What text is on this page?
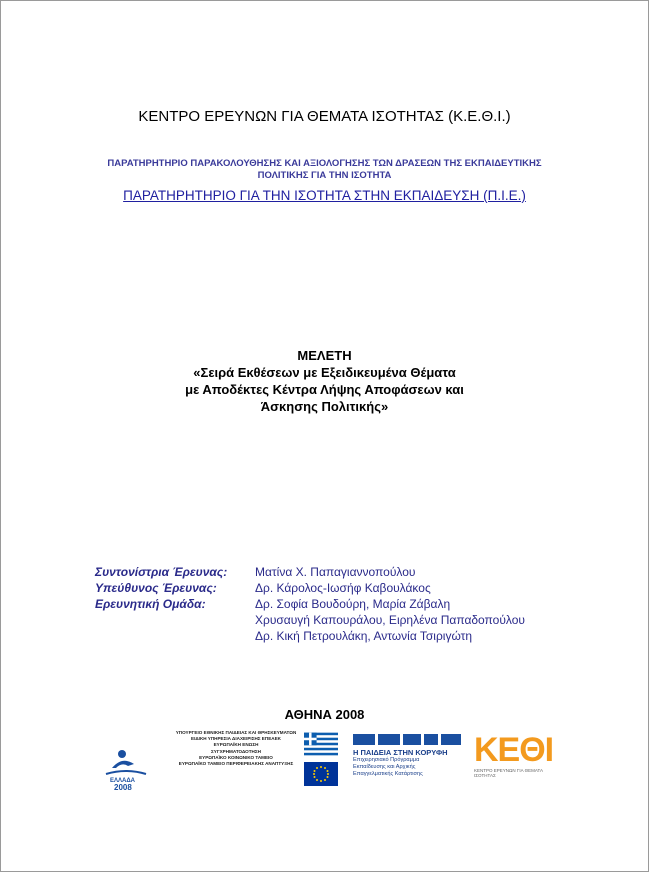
ΚΕΝΤΡΟ ΕΡΕΥΝΩΝ ΓΙΑ ΘΕΜΑΤΑ ΙΣΟΤΗΤΑΣ (Κ.Ε.Θ.Ι.)
ΠΑΡΑΤΗΡΗΤΗΡΙΟ ΠΑΡΑΚΟΛΟΥΘΗΣΗΣ ΚΑΙ ΑΞΙΟΛΟΓΗΣΗΣ ΤΩΝ ΔΡΑΣΕΩΝ ΤΗΣ ΕΚΠΑΙΔΕΥΤΙΚΗΣ
ΠΟΛΙΤΙΚΗΣ ΓΙΑ ΤΗΝ ΙΣΟΤΗΤΑ
ΠΑΡΑΤΗΡΗΤΗΡΙΟ ΓΙΑ ΤΗΝ ΙΣΟΤΗΤΑ ΣΤΗΝ ΕΚΠΑΙΔΕΥΣΗ (Π.Ι.Ε.)
ΜΕΛΕΤΗ
«Σειρά Εκθέσεων με Εξειδικευμένα Θέματα
με Αποδέκτες Κέντρα Λήψης Αποφάσεων και
Άσκησης Πολιτικής»
Συντονίστρια Έρευνας:	Ματίνα Χ. Παπαγιαννοπούλου
Υπεύθυνος Έρευνας:	Δρ. Κάρολος-Ιωσήφ Καβουλάκος
Ερευνητική Ομάδα:	Δρ. Σοφία Βουδούρη, Μαρία Ζάβαλη
Χρυσαυγή Καπουράλου, Ειρηλένα Παπαδοπούλου
Δρ. Κική Πετρουλάκη, Αντωνία Τσιριγώτη
ΑΘΗΝΑ 2008
ΕΛΛΑΔΑ
2008
ΥΠΟΥΡΓΕΙΟ ΕΘΝΙΚΗΣ ΠΑΙΔΕΙΑΣ ΚΑΙ ΘΡΗΣΚΕΥΜΑΤΩΝ
ΕΙΔΙΚΗ ΥΠΗΡΕΣΙΑ ΔΙΑΧΕΙΡΙΣΗΣ ΕΠΕΑΕΚ
ΕΥΡΩΠΑΪΚΗ ΕΝΩΣΗ
ΣΥΓΧΡΗΜΑΤΟΔΟΤΗΣΗ
ΕΥΡΩΠΑΪΚΟ ΚΟΙΝΩΝΙΚΟ ΤΑΜΕΙΟ
ΕΥΡΩΠΑΪΚΟ ΤΑΜΕΙΟ ΠΕΡΙΦΕΡΕΙΑΚΗΣ ΑΝΑΠΤΥΞΗΣ
Η ΠΑΙΔΕΙΑ ΣΤΗΝ ΚΟΡΥΦΗ
Επιχειρησιακό Πρόγραμμα
Εκπαίδευσης και Αρχικής
Επαγγελματικής Κατάρτισης
ΚΕΘΙ
ΚΕΝΤΡΟ ΕΡΕΥΝΩΝ ΓΙΑ ΘΕΜΑΤΑ ΙΣΟΤΗΤΑΣ
